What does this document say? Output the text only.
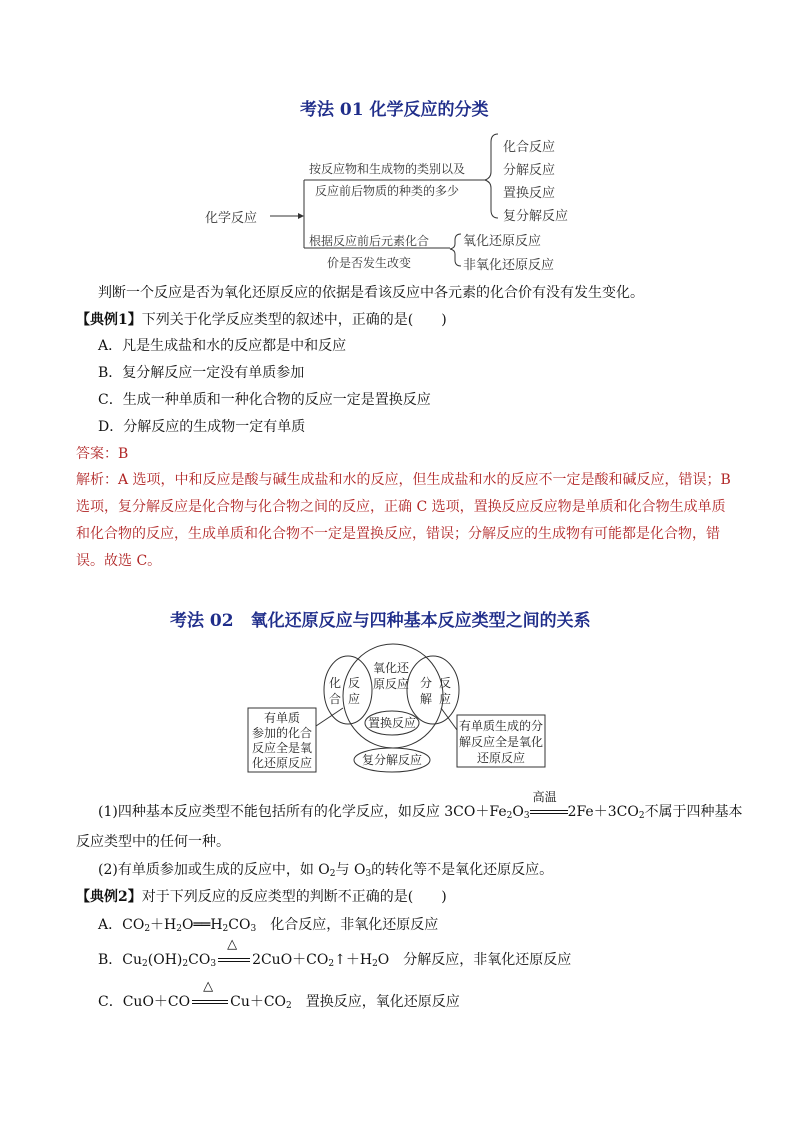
考法 01 化学反应的分类
化学反应
按反应物和生成物的类别以及
反应前后物质的种类的多少
化合反应
分解反应
置换反应
复分解反应
根据反应前后元素化合
价是否发生改变
氧化还原反应
非氧化还原反应
判断一个反应是否为氧化还原反应的依据是看该反应中各元素的化合价有没有发生变化。
【典例1】下列关于化学反应类型的叙述中，正确的是(　　)
A．凡是生成盐和水的反应都是中和反应
B．复分解反应一定没有单质参加
C．生成一种单质和一种化合物的反应一定是置换反应
D．分解反应的生成物一定有单质
答案：B
解析：A 选项，中和反应是酸与碱生成盐和水的反应，但生成盐和水的反应不一定是酸和碱反应，错误；B
选项，复分解反应是化合物与化合物之间的反应，正确 C 选项，置换反应反应物是单质和化合物生成单质
和化合物的反应，生成单质和化合物不一定是置换反应，错误；分解反应的生成物有可能都是化合物，错
误。故选 C。
考法 02　氧化还原反应与四种基本反应类型之间的关系
化
合
反
应
氧化还
原反应 分
解
反
应
置换反应
复分解反应
有单质
参加的化合
反应全是氧
化还原反应
有单质生成的分
解反应全是氧化
还原反应
(1)四种基本反应类型不能包括所有的化学反应，如反应 $3CO+Fe_2O_3$
高温
$2Fe+3CO_2$不属于四种基本
反应类型中的任何一种。
(2)有单质参加或生成的反应中，如 $O_2$与 $O_3$的转化等不是氧化还原反应。
【典例2】对于下列反应的反应类型的判断不正确的是(　　)
A．$CO_2+H_2O══H_2CO_3$ 化合反应，非氧化还原反应
B．$Cu_2(OH)_2CO_3$
△
$2CuO+CO_2↑+H_2O$ 分解反应，非氧化还原反应
C．CuO＋CO
△
$Cu+CO_2$ 置换反应，氧化还原反应
